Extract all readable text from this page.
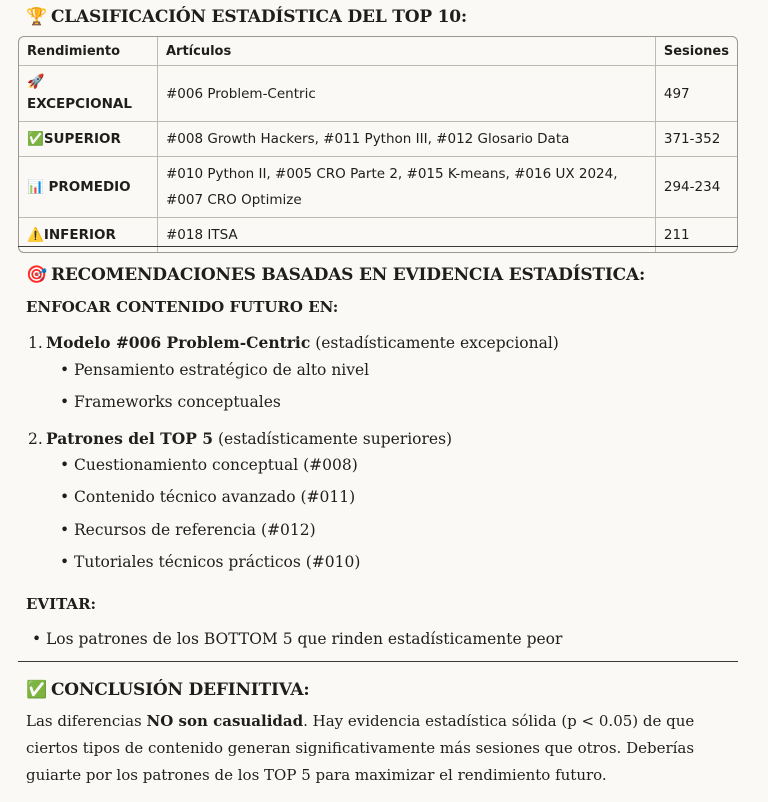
🏆 CLASIFICACIÓN ESTADÍSTICA DEL TOP 10:
Rendimiento	Artículos	Sesiones

🚀
EXCEPCIONAL	#006 Problem-Centric	497
✅SUPERIOR	#008 Growth Hackers, #011 Python III, #012 Glosario Data	371-352
📊 PROMEDIO	#010 Python II, #005 CRO Parte 2, #015 K-means, #016 UX 2024, #007 CRO Optimize	294-234
⚠️INFERIOR	#018 ITSA	211
🎯 RECOMENDACIONES BASADAS EN EVIDENCIA ESTADÍSTICA:
ENFOCAR CONTENIDO FUTURO EN:
1. Modelo #006 Problem-Centric (estadísticamente excepcional)
• Pensamiento estratégico de alto nivel
• Frameworks conceptuales
2. Patrones del TOP 5 (estadísticamente superiores)
• Cuestionamiento conceptual (#008)
• Contenido técnico avanzado (#011)
• Recursos de referencia (#012)
• Tutoriales técnicos prácticos (#010)
EVITAR:
• Los patrones de los BOTTOM 5 que rinden estadísticamente peor
✅ CONCLUSIÓN DEFINITIVA:

Las diferencias NO son casualidad. Hay evidencia estadística sólida (p < 0.05) de que ciertos tipos de contenido generan significativamente más sesiones que otros. Deberías guiarte por los patrones de los TOP 5 para maximizar el rendimiento futuro.
